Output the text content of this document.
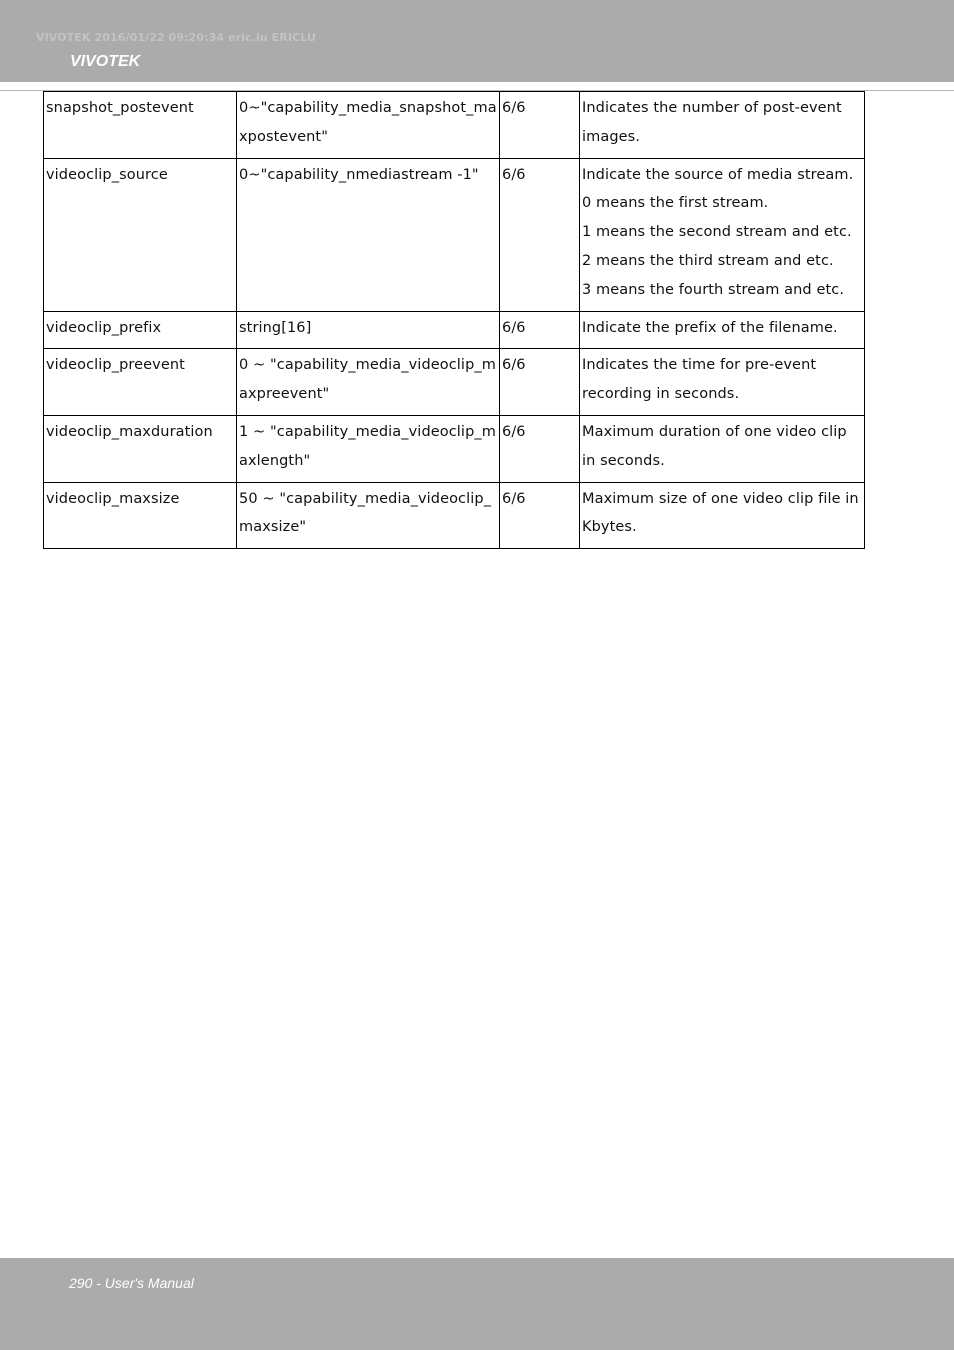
VIVOTEK 2016/01/22 09:20:34 eric.lu ERICLU
VIVOTEK
snapshot_postevent	0~"capability_media_snapshot_maxpostevent"	6/6	Indicates the number of post-event images.

videoclip_source	0~"capability_nmediastream -1"	6/6	Indicate the source of media stream.
0 means the first stream.
1 means the second stream and etc.
2 means the third stream and etc.
3 means the fourth stream and etc.

videoclip_prefix	string[16]	6/6	Indicate the prefix of the filename.

videoclip_preevent	0 ~ "capability_media_videoclip_maxpreevent"	6/6	Indicates the time for pre-event recording in seconds.

videoclip_maxduration	1 ~ "capability_media_videoclip_maxlength"	6/6	Maximum duration of one video clip in seconds.

videoclip_maxsize	50 ~ "capability_media_videoclip_maxsize"	6/6	Maximum size of one video clip file in Kbytes.
290 - User's Manual
